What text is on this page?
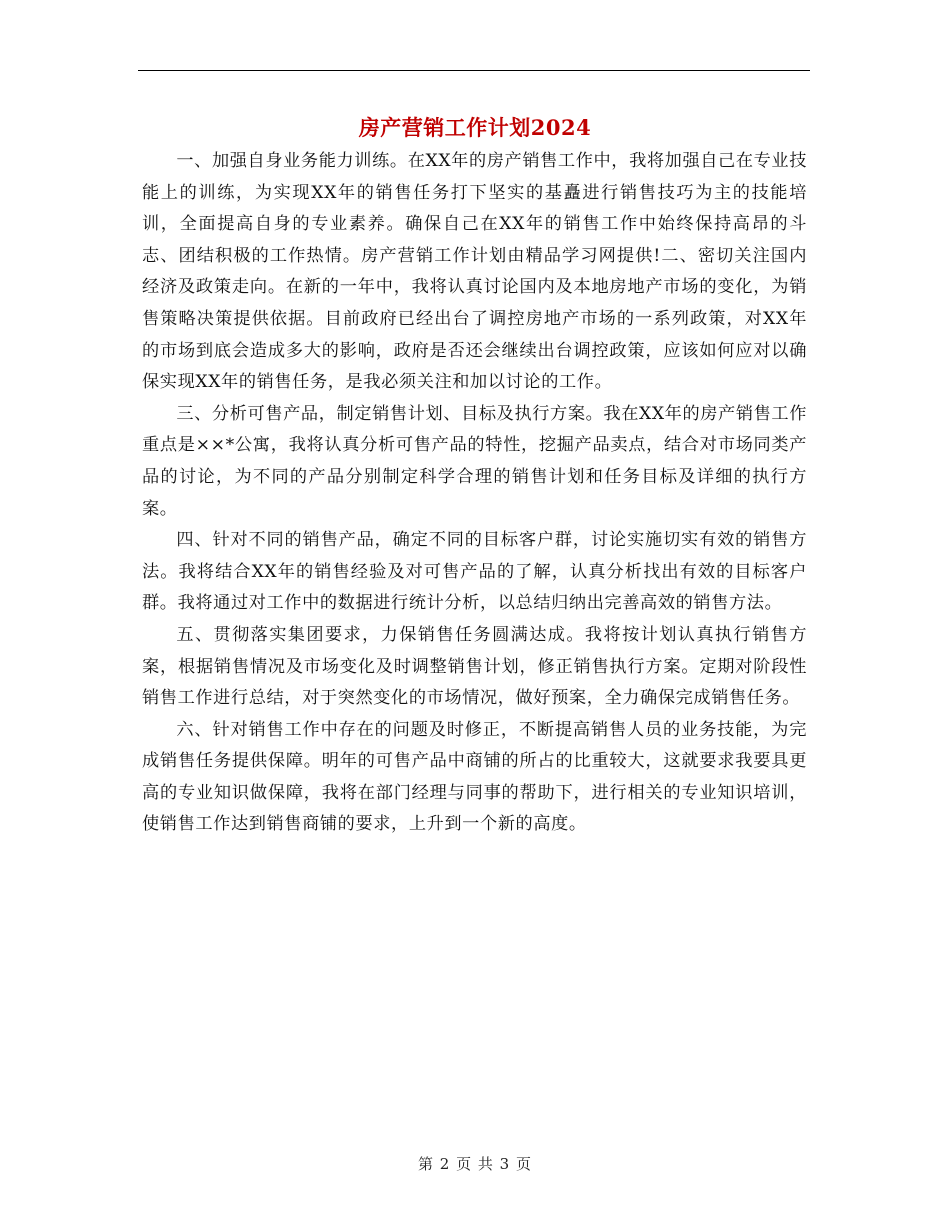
房产营销工作计划2024

一、加强自身业务能力训练。在XX年的房产销售工作中，我将加强自己在专业技能上的训练，为实现XX年的销售任务打下坚实的基矗进行销售技巧为主的技能培训，全面提高自身的专业素养。确保自己在XX年的销售工作中始终保持高昂的斗志、团结积极的工作热情。房产营销工作计划由精品学习网提供!二、密切关注国内经济及政策走向。在新的一年中，我将认真讨论国内及本地房地产市场的变化，为销售策略决策提供依据。目前政府已经出台了调控房地产市场的一系列政策，对XX年的市场到底会造成多大的影响，政府是否还会继续出台调控政策，应该如何应对以确保实现XX年的销售任务，是我必须关注和加以讨论的工作。

三、分析可售产品，制定销售计划、目标及执行方案。我在XX年的房产销售工作重点是××*公寓，我将认真分析可售产品的特性，挖掘产品卖点，结合对市场同类产品的讨论，为不同的产品分别制定科学合理的销售计划和任务目标及详细的执行方案。

四、针对不同的销售产品，确定不同的目标客户群，讨论实施切实有效的销售方法。我将结合XX年的销售经验及对可售产品的了解，认真分析找出有效的目标客户群。我将通过对工作中的数据进行统计分析，以总结归纳出完善高效的销售方法。

五、贯彻落实集团要求，力保销售任务圆满达成。我将按计划认真执行销售方案，根据销售情况及市场变化及时调整销售计划，修正销售执行方案。定期对阶段性销售工作进行总结，对于突然变化的市场情况，做好预案，全力确保完成销售任务。

六、针对销售工作中存在的问题及时修正，不断提高销售人员的业务技能，为完成销售任务提供保障。明年的可售产品中商铺的所占的比重较大，这就要求我要具更高的专业知识做保障，我将在部门经理与同事的帮助下，进行相关的专业知识培训，使销售工作达到销售商铺的要求，上升到一个新的高度。

第 2 页 共 3 页
